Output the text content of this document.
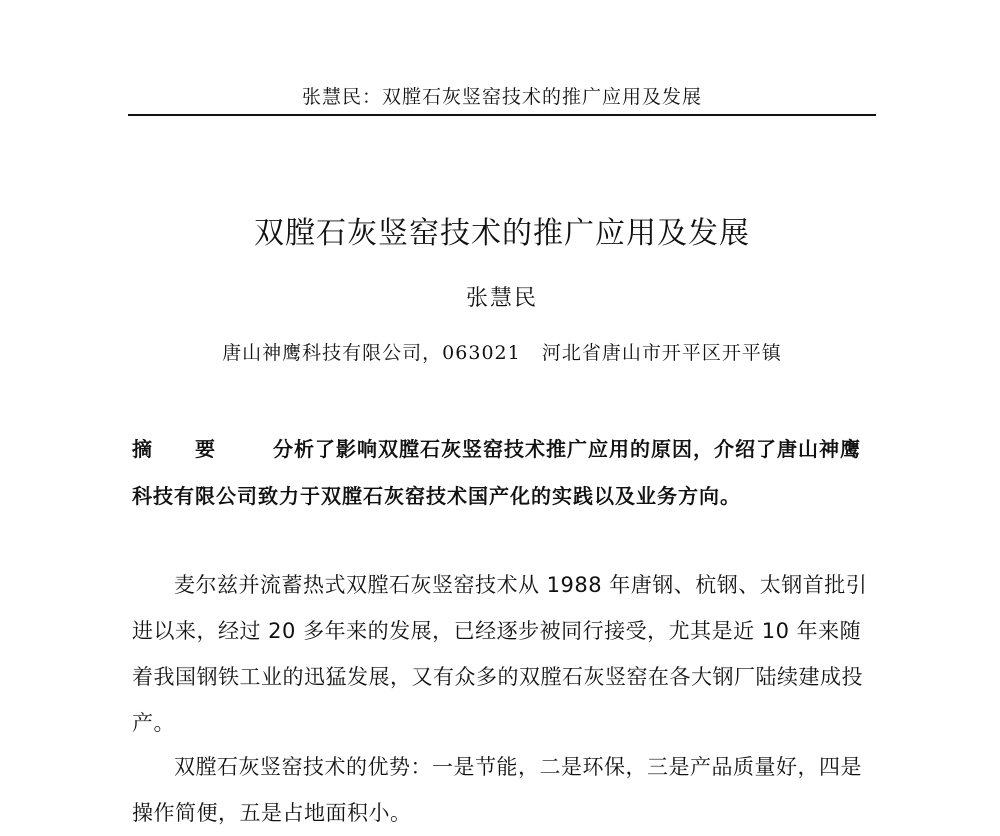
张慧民：双膛石灰竖窑技术的推广应用及发展
双膛石灰竖窑技术的推广应用及发展
张慧民
唐山神鹰科技有限公司，063021   河北省唐山市开平区开平镇
摘 要 分析了影响双膛石灰竖窑技术推广应用的原因，介绍了唐山神鹰科技有限公司致力于双膛石灰窑技术国产化的实践以及业务方向。
麦尔兹并流蓄热式双膛石灰竖窑技术从 1988 年唐钢、杭钢、太钢首批引进以来，经过 20 多年来的发展，已经逐步被同行接受，尤其是近 10 年来随着我国钢铁工业的迅猛发展，又有众多的双膛石灰竖窑在各大钢厂陆续建成投产。
双膛石灰竖窑技术的优势：一是节能，二是环保，三是产品质量好，四是操作简便，五是占地面积小。
